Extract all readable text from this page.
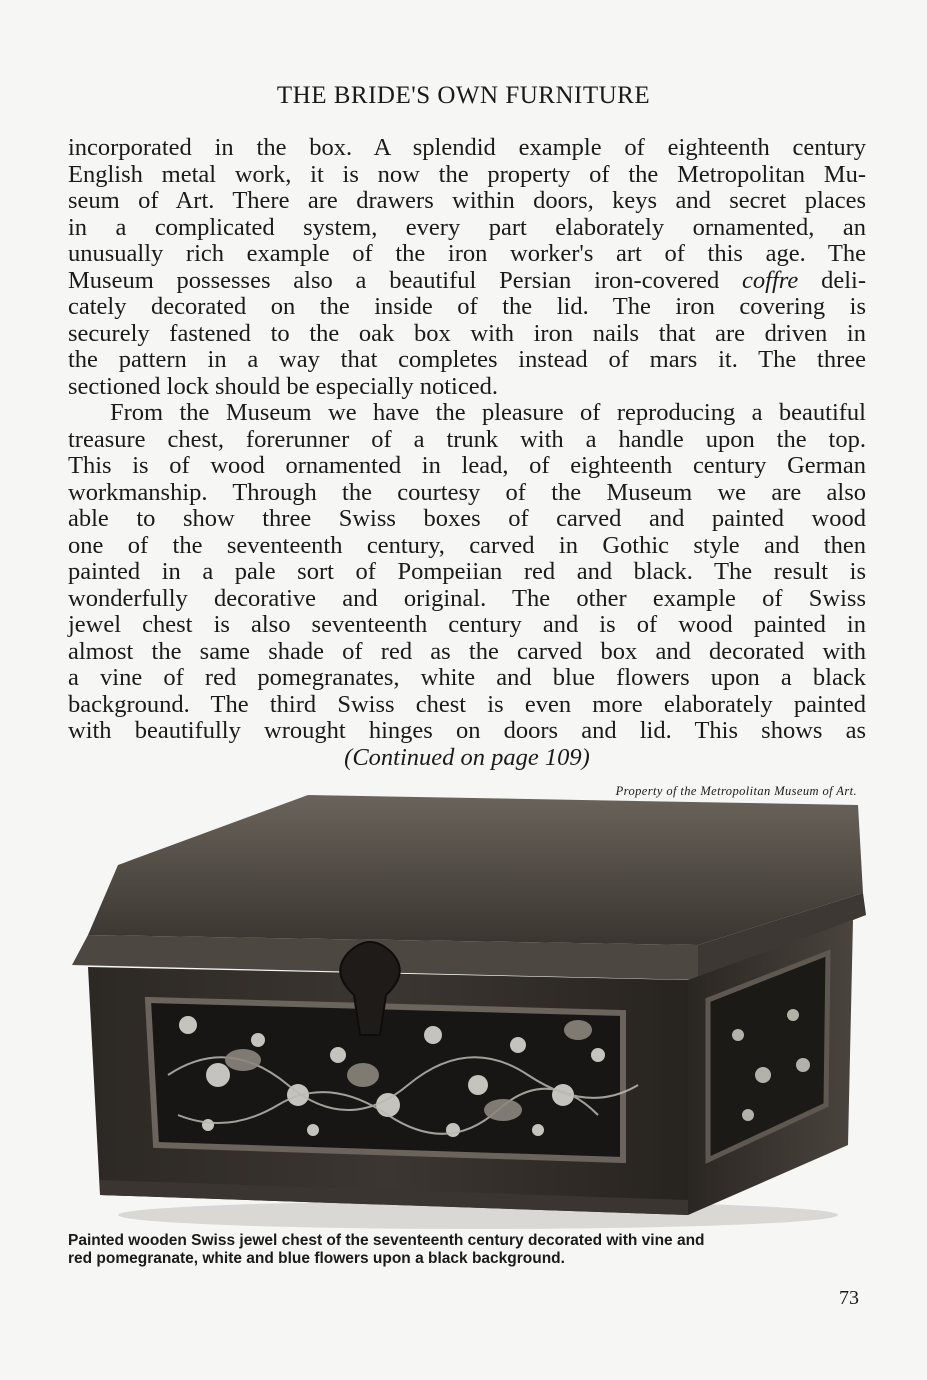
THE BRIDE'S OWN FURNITURE
incorporated in the box. A splendid example of eighteenth century
English metal work, it is now the property of the Metropolitan Mu-
seum of Art. There are drawers within doors, keys and secret places
in a complicated system, every part elaborately ornamented, an
unusually rich example of the iron worker's art of this age. The
Museum possesses also a beautiful Persian iron-covered coffre deli-
cately decorated on the inside of the lid. The iron covering is
securely fastened to the oak box with iron nails that are driven in
the pattern in a way that completes instead of mars it. The three
sectioned lock should be especially noticed.
From the Museum we have the pleasure of reproducing a beautiful
treasure chest, forerunner of a trunk with a handle upon the top.
This is of wood ornamented in lead, of eighteenth century German
workmanship. Through the courtesy of the Museum we are also
able to show three Swiss boxes of carved and painted wood
one of the seventeenth century, carved in Gothic style and then
painted in a pale sort of Pompeiian red and black. The result is
wonderfully decorative and original. The other example of Swiss
jewel chest is also seventeenth century and is of wood painted in
almost the same shade of red as the carved box and decorated with
a vine of red pomegranates, white and blue flowers upon a black
background. The third Swiss chest is even more elaborately painted
with beautifully wrought hinges on doors and lid. This shows as
(Continued on page 109)
Property of the Metropolitan Museum of Art.
Painted wooden Swiss jewel chest of the seventeenth century decorated with vine and
red pomegranate, white and blue flowers upon a black background.
73
